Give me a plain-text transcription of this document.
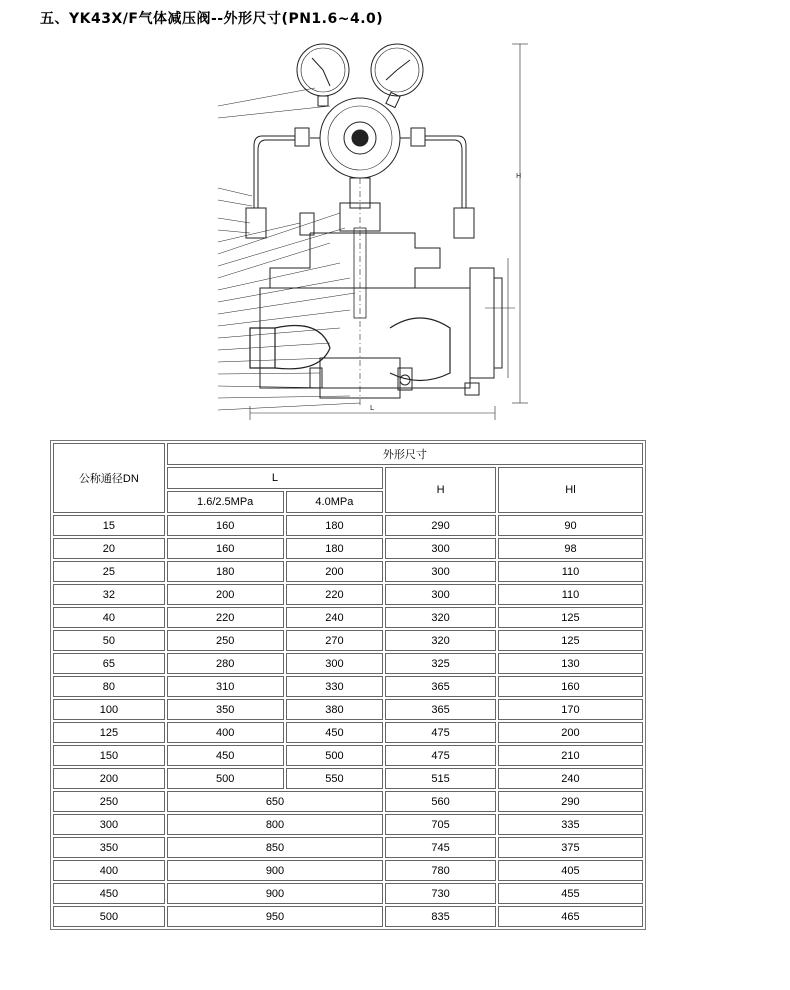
五、YK43X/F气体减压阀--外形尺寸(PN1.6~4.0)
H
L
公称通径DN	外形尺寸			
	L		H	Hl
	1.6/2.5MPa	4.0MPa		
15	160	180	290	90
20	160	180	300	98
25	180	200	300	110
32	200	220	300	110
40	220	240	320	125
50	250	270	320	125
65	280	300	325	130
80	310	330	365	160
100	350	380	365	170
125	400	450	475	200
150	450	500	475	210
200	500	550	515	240
250	650		560	290
300	800		705	335
350	850		745	375
400	900		780	405
450	900		730	455
500	950		835	465
